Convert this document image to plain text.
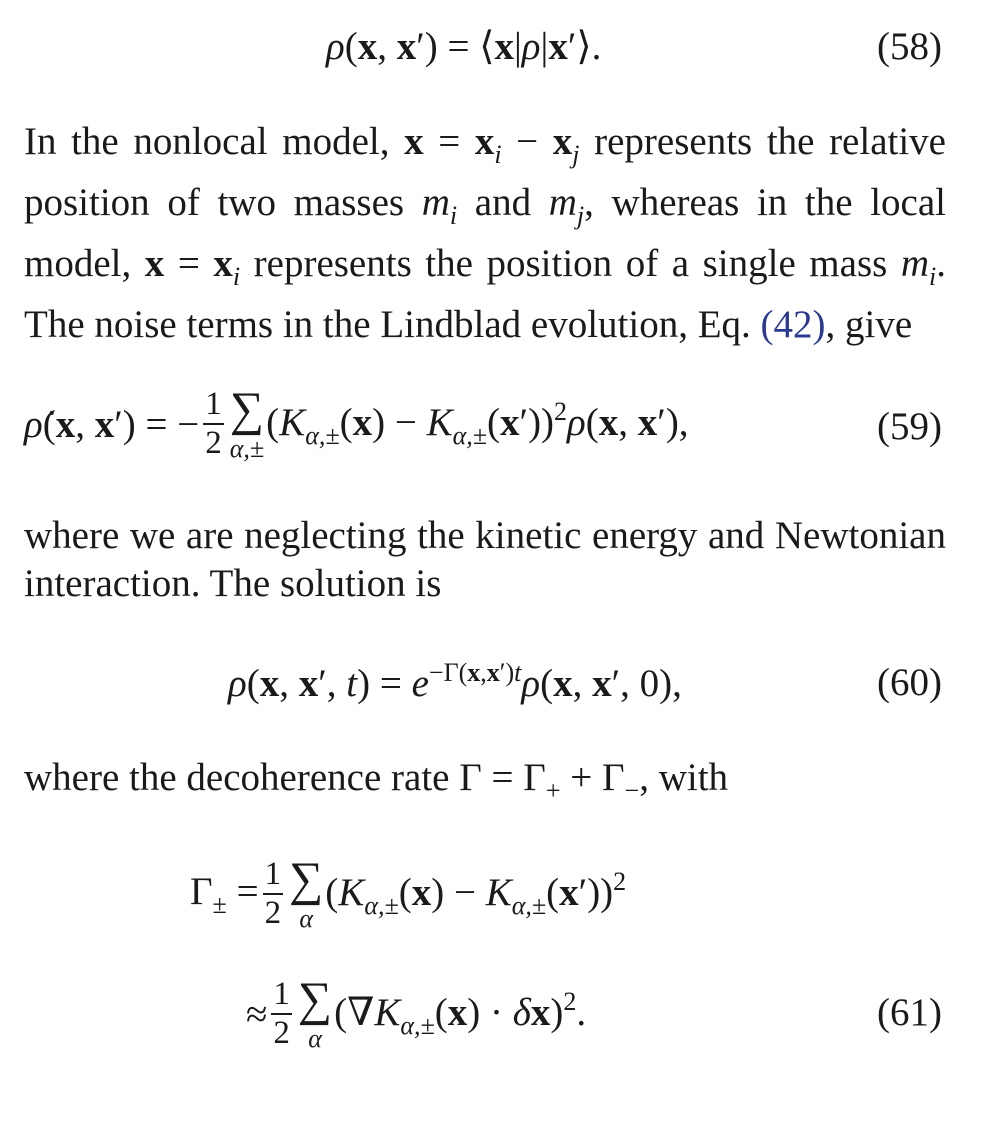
ρ(x, x′) = ⟨x|ρ|x′⟩.	(58)
In the nonlocal model, $x = x_i - x_j$ represents the relative
position of two masses $m_i$ and $m_j$, whereas in the local
model, $x = x_i$ represents the position of a single mass $m_i$.
The noise terms in the Lindblad evolution, Eq. (42), give
ρ̇(x, x′) = − $\frac{1}{2}$ ∑
α,±
$(K_{\alpha,\pm}(x) - K_{\alpha,\pm}(x'))^2\rho(x$, x′),	(59)
where we are neglecting the kinetic energy and Newtonian
interaction. The solution is
ρ(x, x′, $t) = e^{-\Gamma(x,x')t}\rho(x$, x′, 0),	(60)
where the decoherence rate $\Gamma = \Gamma_+ + \Gamma_-$, with
$\Gamma_\pm = \frac{1}{2}$ ∑
α
$(K_{\alpha,\pm}(x) - K_{\alpha,\pm}(x'))^2$
≈ $\frac{1}{2}$ ∑
α
$(\nabla K_{\alpha,\pm}(x) \cdot \delta x)^2$.	(61)
